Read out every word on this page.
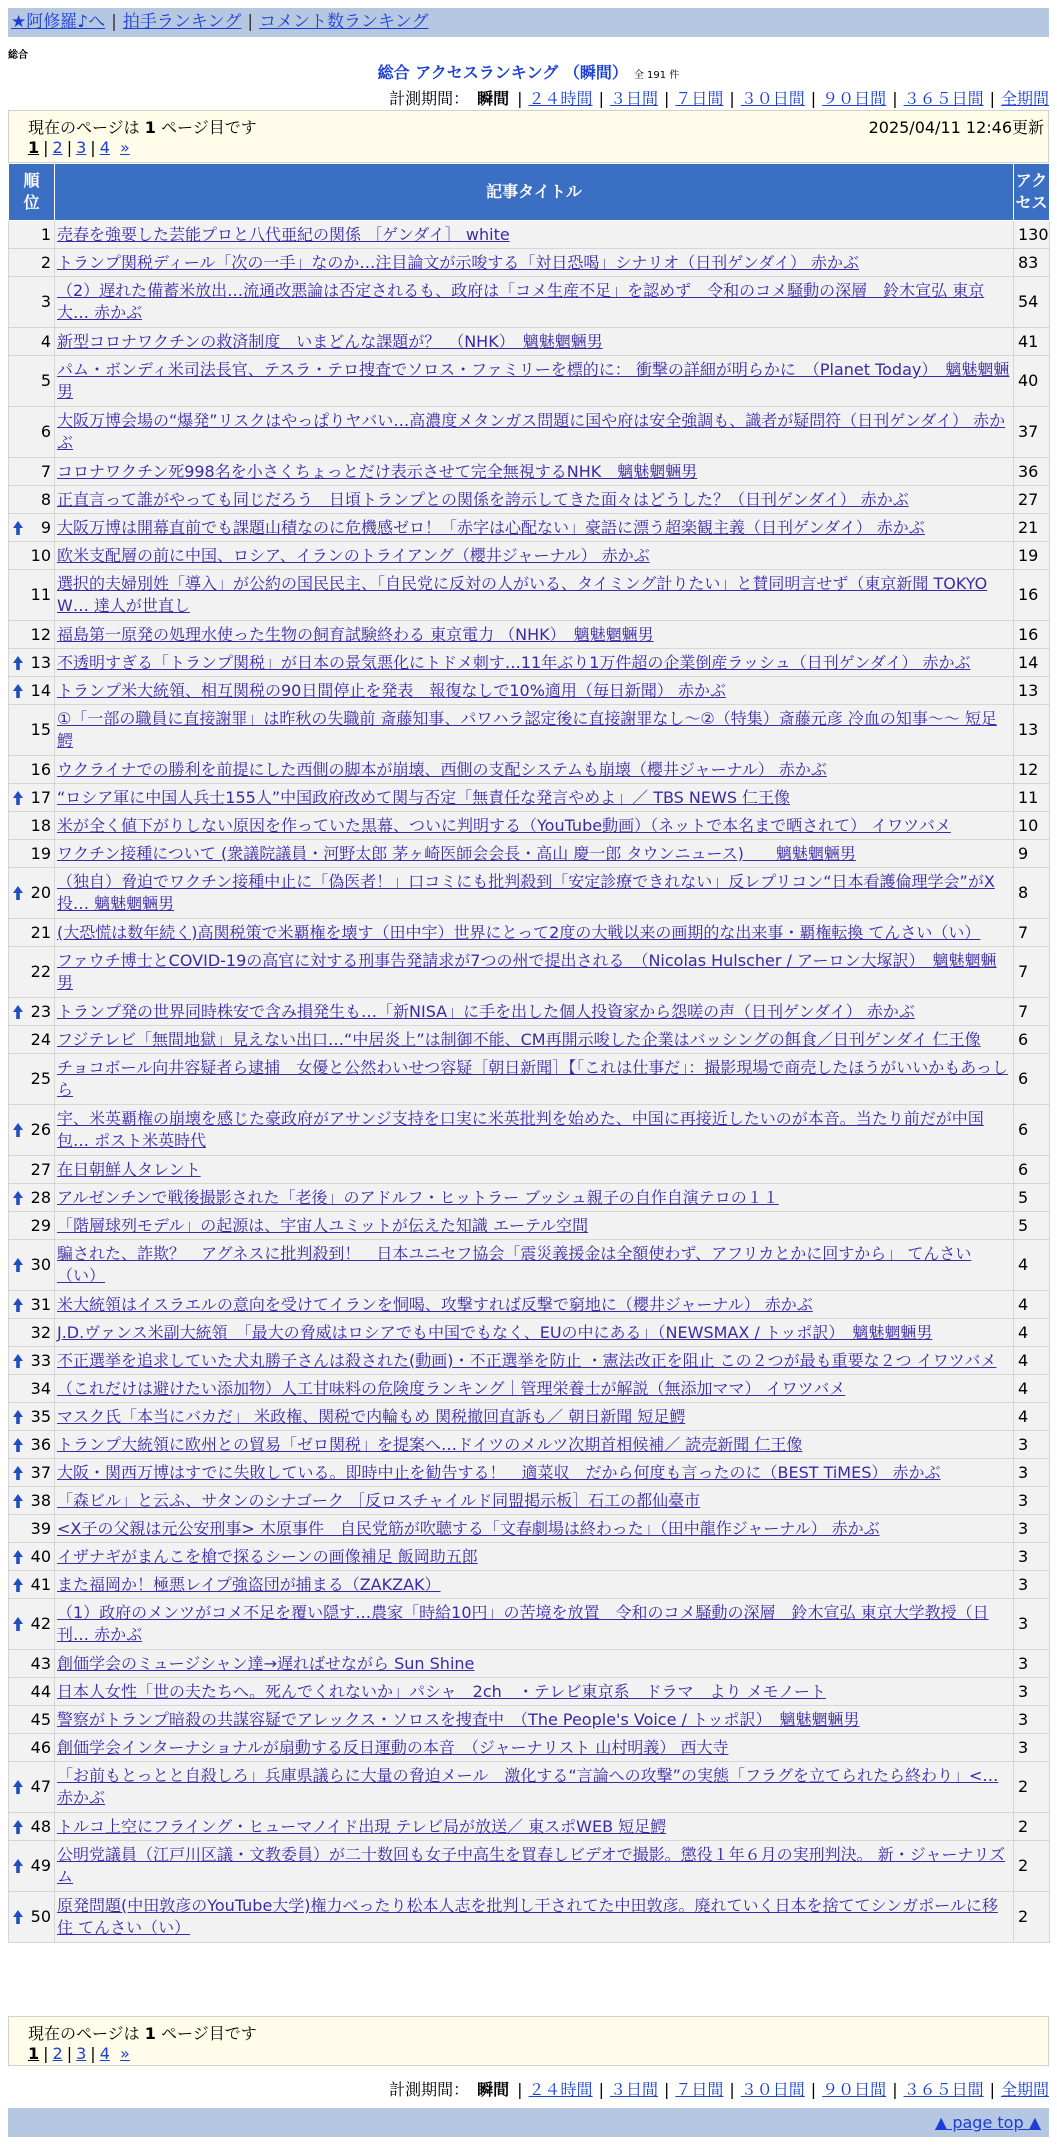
★阿修羅♪へ | 拍手ランキング | コメント数ランキング
総合
総合 アクセスランキング （瞬間） 全 191 件
計測期間： 瞬間 | ２４時間 | ３日間 | ７日間 | ３０日間 | ９０日間 | ３６５日間 | 全期間
現在のページは 1 ページ目です	2025/04/11 12:46更新
1 | 2 | 3 | 4 »
順位	記事タイトル	アクセス
1	売春を強要した芸能プロと八代亜紀の関係 ［ゲンダイ］ white	130
2	トランプ関税ディール「次の一手」なのか…注目論文が示唆する「対日恐喝」シナリオ（日刊ゲンダイ） 赤かぶ	83
3	（2）遅れた備蓄米放出…流通改悪論は否定されるも、政府は「コメ生産不足」を認めず　令和のコメ騒動の深層　鈴木宣弘 東京大… 赤かぶ	54
4	新型コロナワクチンの救済制度　いまどんな課題が？　（NHK）　魑魅魍魎男	41
5	パム・ボンディ米司法長官、テスラ・テロ捜査でソロス・ファミリーを標的に： 衝撃の詳細が明らかに　（Planet Today）　魑魅魍魎男	40
6	大阪万博会場の“爆発”リスクはやっぱりヤバい…高濃度メタンガス問題に国や府は安全強調も、識者が疑問符（日刊ゲンダイ） 赤かぶ	37
7	コロナワクチン死998名を小さくちょっとだけ表示させて完全無視するNHK　魑魅魍魎男	36
8	正直言って誰がやっても同じだろう　日頃トランプとの関係を誇示してきた面々はどうした？（日刊ゲンダイ） 赤かぶ	27

9	大阪万博は開幕直前でも課題山積なのに危機感ゼロ！「赤字は心配ない」豪語に漂う超楽観主義（日刊ゲンダイ） 赤かぶ	21
10	欧米支配層の前に中国、ロシア、イランのトライアング（櫻井ジャーナル） 赤かぶ	19
11	選択的夫婦別姓「導入」が公約の国民民主、「自民党に反対の人がいる、タイミング計りたい」と賛同明言せず（東京新聞 TOKYO W… 達人が世直し	16
12	福島第一原発の処理水使った生物の飼育試験終わる 東京電力 （NHK）　魑魅魍魎男	16

13	不透明すぎる「トランプ関税」が日本の景気悪化にトドメ刺す…11年ぶり1万件超の企業倒産ラッシュ（日刊ゲンダイ） 赤かぶ	14

14	トランプ米大統領、相互関税の90日間停止を発表　報復なしで10%適用（毎日新聞） 赤かぶ	13
15	①「一部の職員に直接謝罪」は昨秋の失職前 斎藤知事、パワハラ認定後に直接謝罪なし～②（特集）斎藤元彦 冷血の知事～～ 短足鰐	13
16	ウクライナでの勝利を前提にした西側の脚本が崩壊、西側の支配システムも崩壊（櫻井ジャーナル） 赤かぶ	12

17	“ロシア軍に中国人兵士155人”中国政府改めて関与否定「無責任な発言やめよ」／ TBS NEWS 仁王像	11
18	米が全く値下がりしない原因を作っていた黒幕、ついに判明する（YouTube動画）（ネットで本名まで晒されて） イワツバメ	10
19	ワクチン接種について (衆議院議員・河野太郎 茅ヶ崎医師会会長・高山 慶一郎 タウンニュース)　　魑魅魍魎男	9

20	（独自）脅迫でワクチン接種中止に「偽医者！」口コミにも批判殺到「安定診療できれない」反レプリコン“日本看護倫理学会”がX投… 魑魅魍魎男	8
21	(大恐慌は数年続く)高関税策で米覇権を壊す（田中宇）世界にとって2度の大戦以来の画期的な出来事・覇権転換 てんさい（い）	7
22	ファウチ博士とCOVID-19の高官に対する刑事告発請求が7つの州で提出される　（Nicolas Hulscher / アーロン大塚訳）　魑魅魍魎男	7

23	トランプ発の世界同時株安で含み損発生も…「新NISA」に手を出した個人投資家から怨嗟の声（日刊ゲンダイ） 赤かぶ	7
24	フジテレビ「無間地獄」見えない出口…“中居炎上”は制御不能、CM再開示唆した企業はバッシングの餌食／日刊ゲンダイ 仁王像	6
25	チョコボール向井容疑者ら逮捕　女優と公然わいせつ容疑［朝日新聞］【「これは仕事だ」：撮影現場で商売したほうがいいかもあっしら	6

26	宇、米英覇権の崩壊を感じた豪政府がアサンジ支持を口実に米英批判を始めた、中国に再接近したいのが本音。当たり前だが中国包… ポスト米英時代	6
27	在日朝鮮人タレント	6

28	アルゼンチンで戦後撮影された「老後」のアドルフ・ヒットラー ブッシュ親子の自作自演テロの１１	5
29	「階層球列モデル」の起源は、宇宙人ユミットが伝えた知識 エーテル空間	5

30	騙された、詐欺？　アグネスに批判殺到！　日本ユニセフ協会「震災義援金は全額使わず、アフリカとかに回すから」 てんさい（い）	4

31	米大統領はイスラエルの意向を受けてイランを恫喝、攻撃すれば反撃で窮地に（櫻井ジャーナル） 赤かぶ	4
32	J.D.ヴァンス米副大統領　「最大の脅威はロシアでも中国でもなく、EUの中にある」（NEWSMAX / トッポ訳）　魑魅魍魎男	4

33	不正選挙を追求していた犬丸勝子さんは殺された(動画)・不正選挙を防止 ・憲法改正を阻止 この２つが最も重要な２つ イワツバメ	4
34	（これだけは避けたい添加物）人工甘味料の危険度ランキング｜管理栄養士が解説（無添加ママ） イワツバメ	4

35	マスク氏「本当にバカだ」 米政権、関税で内輪もめ 関税撤回直訴も／ 朝日新聞 短足鰐	4

36	トランプ大統領に欧州との貿易「ゼロ関税」を提案へ…ドイツのメルツ次期首相候補／ 読売新聞 仁王像	3

37	大阪・関西万博はすでに失敗している。即時中止を勧告する！　適菜収　だから何度も言ったのに（BEST TiMES） 赤かぶ	3

38	「森ビル」と云ふ、サタンのシナゴーク ［反ロスチャイルド同盟掲示板］石工の都仙臺市	3
39	<X子の父親は元公安刑事> 木原事件　自民党筋が吹聴する「文春劇場は終わった」（田中龍作ジャーナル） 赤かぶ	3

40	イザナギがまんこを槍で探るシーンの画像補足 飯岡助五郎	3

41	また福岡か！極悪レイプ強盗団が捕まる（ZAKZAK）	3

42	（1）政府のメンツがコメ不足を覆い隠す…農家「時給10円」の苦境を放置　令和のコメ騒動の深層　鈴木宣弘 東京大学教授（日刊… 赤かぶ	3
43	創価学会のミュージシャン達→遅ればせながら Sun Shine	3
44	日本人女性「世の夫たちへ。死んでくれないか」パシャ　2ch　・テレビ東京系　ドラマ　より メモノート	3
45	警察がトランプ暗殺の共謀容疑でアレックス・ソロスを捜査中　（The People's Voice / トッポ訳）　魑魅魍魎男	3
46	創価学会インターナショナルが扇動する反日運動の本音　（ジャーナリスト 山村明義） 西大寺	3

47	「お前もとっとと自殺しろ」兵庫県議らに大量の脅迫メール　激化する“言論への攻撃”の実態「フラグを立てられたら終わり」<… 赤かぶ	2

48	トルコ上空にフライング・ヒューマノイド出現 テレビ局が放送／ 東スポWEB 短足鰐	2

49	公明党議員（江戸川区議・文教委員）が二十数回も女子中高生を買春しビデオで撮影。懲役１年６月の実刑判決。 新・ジャーナリズム	2

50	原発問題(中田敦彦のYouTube大学)権力べったり松本人志を批判し干されてた中田敦彦。廃れていく日本を捨ててシンガポールに移住 てんさい（い）	2
現在のページは 1 ページ目です
1 | 2 | 3 | 4 »
計測期間： 瞬間 | ２４時間 | ３日間 | ７日間 | ３０日間 | ９０日間 | ３６５日間 | 全期間
▲ page top ▲
